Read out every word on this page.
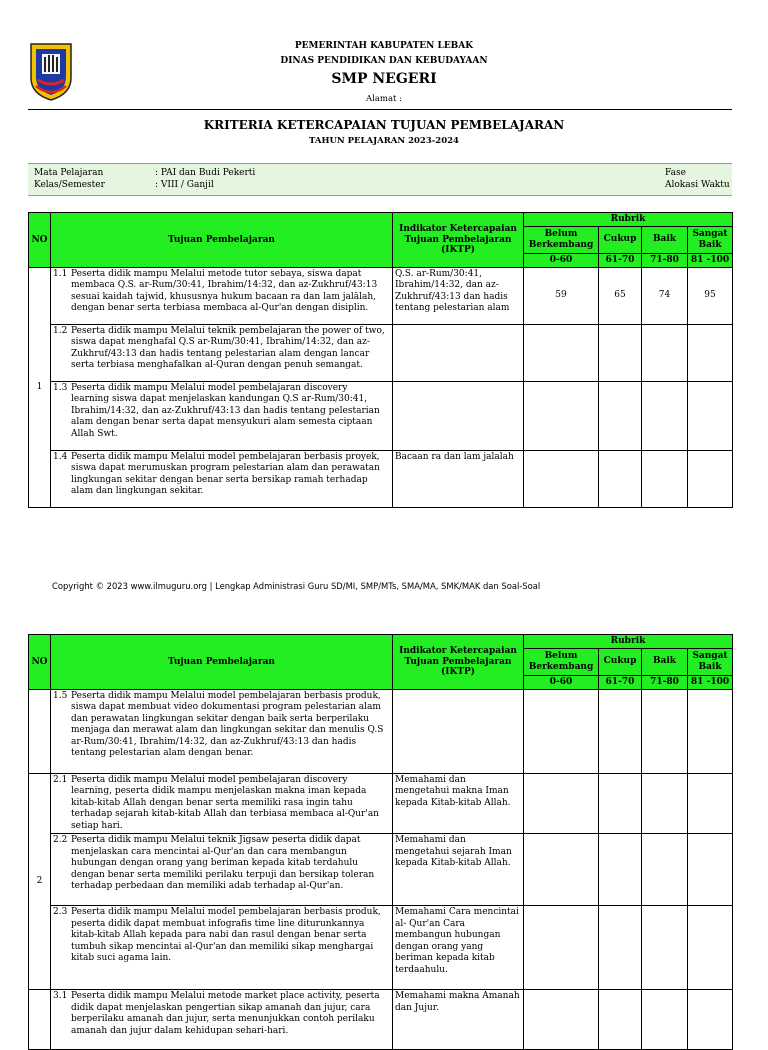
PEMERINTAH KABUPATEN LEBAK
DINAS PENDIDIKAN DAN KEBUDAYAAN
SMP NEGERI
Alamat :
KRITERIA KETERCAPAIAN TUJUAN PEMBELAJARAN
TAHUN PELAJARAN 2023-2024
Mata Pelajaran	: PAI dan Budi Pekerti
Kelas/Semester	: VIII / Ganjil
Fase
Alokasi Waktu
NO	Tujuan Pembelajaran	Indikator Ketercapaian Tujuan Pembelajaran (IKTP)	Rubrik			
			Belum Berkembang	Cukup	Baik	Sangat Baik
			0-60	61-70	71-80	81 -100
1	1.1 Peserta didik mampu Melalui metode tutor sebaya, siswa dapat membaca Q.S. ar-Rum/30:41, Ibrahim/14:32, dan az-Zukhruf/43:13 sesuai kaidah tajwid, khususnya hukum bacaan ra dan lam jalālah, dengan benar serta terbiasa membaca al-Qur'an dengan disiplin.	Q.S. ar-Rum/30:41, Ibrahim/14:32, dan az-Zukhruf/43:13 dan hadis tentang pelestarian alam	59	65	74	95
	1.2 Peserta didik mampu Melalui teknik pembelajaran the power of two, siswa dapat menghafal Q.S ar-Rum/30:41, Ibrahim/14:32, dan az-Zukhruf/43:13 dan hadis tentang pelestarian alam dengan lancar serta terbiasa menghafalkan al-Quran dengan penuh semangat.					
	1.3 Peserta didik mampu Melalui model pembelajaran discovery learning siswa dapat menjelaskan kandungan Q.S ar-Rum/30:41, Ibrahim/14:32, dan az-Zukhruf/43:13 dan hadis tentang pelestarian alam dengan benar serta dapat mensyukuri alam semesta ciptaan Allah Swt.					
	1.4 Peserta didik mampu Melalui model pembelajaran berbasis proyek, siswa dapat merumuskan program pelestarian alam dan perawatan lingkungan sekitar dengan benar serta bersikap ramah terhadap alam dan lingkungan sekitar.	Bacaan ra dan lam jalalah				
Copyright © 2023 www.ilmuguru.org | Lengkap Administrasi Guru SD/MI, SMP/MTs, SMA/MA, SMK/MAK dan Soal-Soal
NO	Tujuan Pembelajaran	Indikator Ketercapaian Tujuan Pembelajaran (IKTP)	Rubrik			
			Belum Berkembang	Cukup	Baik	Sangat Baik
			0-60	61-70	71-80	81 -100
	1.5 Peserta didik mampu Melalui model pembelajaran berbasis produk, siswa dapat membuat video dokumentasi program pelestarian alam dan perawatan lingkungan sekitar dengan baik serta berperilaku menjaga dan merawat alam dan lingkungan sekitar dan menulis Q.S ar-Rum/30:41, Ibrahim/14:32, dan az-Zukhruf/43:13 dan hadis tentang pelestarian alam dengan benar.					
2	2.1 Peserta didik mampu Melalui model pembelajaran discovery learning, peserta didik mampu menjelaskan makna iman kepada kitab-kitab Allah dengan benar serta memiliki rasa ingin tahu terhadap sejarah kitab-kitab Allah dan terbiasa membaca al-Qur'an setiap hari.	Memahami dan mengetahui makna Iman kepada Kitab-kitab Allah.				
	2.2 Peserta didik mampu Melalui teknik Jigsaw peserta didik dapat menjelaskan cara mencintai al-Qur'an dan cara membangun hubungan dengan orang yang beriman kepada kitab terdahulu dengan benar serta memiliki perilaku terpuji dan bersikap toleran terhadap perbedaan dan memiliki adab terhadap al-Qur'an.	Memahami dan mengetahui sejarah Iman kepada Kitab-kitab Allah.				
	2.3 Peserta didik mampu Melalui model pembelajaran berbasis produk, peserta didik dapat membuat infografis time line diturunkannya kitab-kitab Allah kepada para nabi dan rasul dengan benar serta tumbuh sikap mencintai al-Qur'an dan memiliki sikap menghargai kitab suci agama lain.	Memahami Cara mencintai al- Qur'an Cara membangun hubungan dengan orang yang beriman kepada kitab terdaahulu.				
	3.1 Peserta didik mampu Melalui metode market place activity, peserta didik dapat menjelaskan pengertian sikap amanah dan jujur, cara berperilaku amanah dan jujur, serta menunjukkan contoh perilaku amanah dan jujur dalam kehidupan sehari-hari.	Memahami makna Amanah dan Jujur.				
